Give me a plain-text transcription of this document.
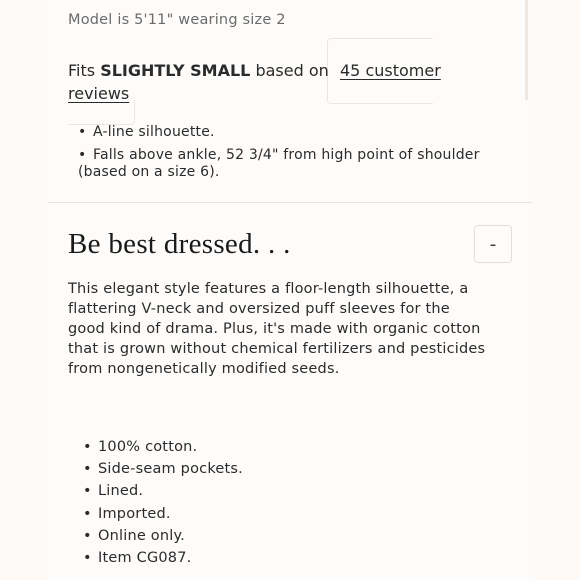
Model is 5'11" wearing size 2
Fits SLIGHTLY SMALL based on 45 customer
reviews
• A-line silhouette.
• Falls above ankle, 52 3/4" from high point of shoulder
(based on a size 6).
Be best dressed. . .	-

This elegant style features a floor-length silhouette, a flattering V-neck and oversized puff sleeves for the good kind of drama. Plus, it's made with organic cotton that is grown without chemical fertilizers and pesticides from nongenetically modified seeds.

• 100% cotton.
• Side-seam pockets.
• Lined.
• Imported.
• Online only.
• Item CG087.
